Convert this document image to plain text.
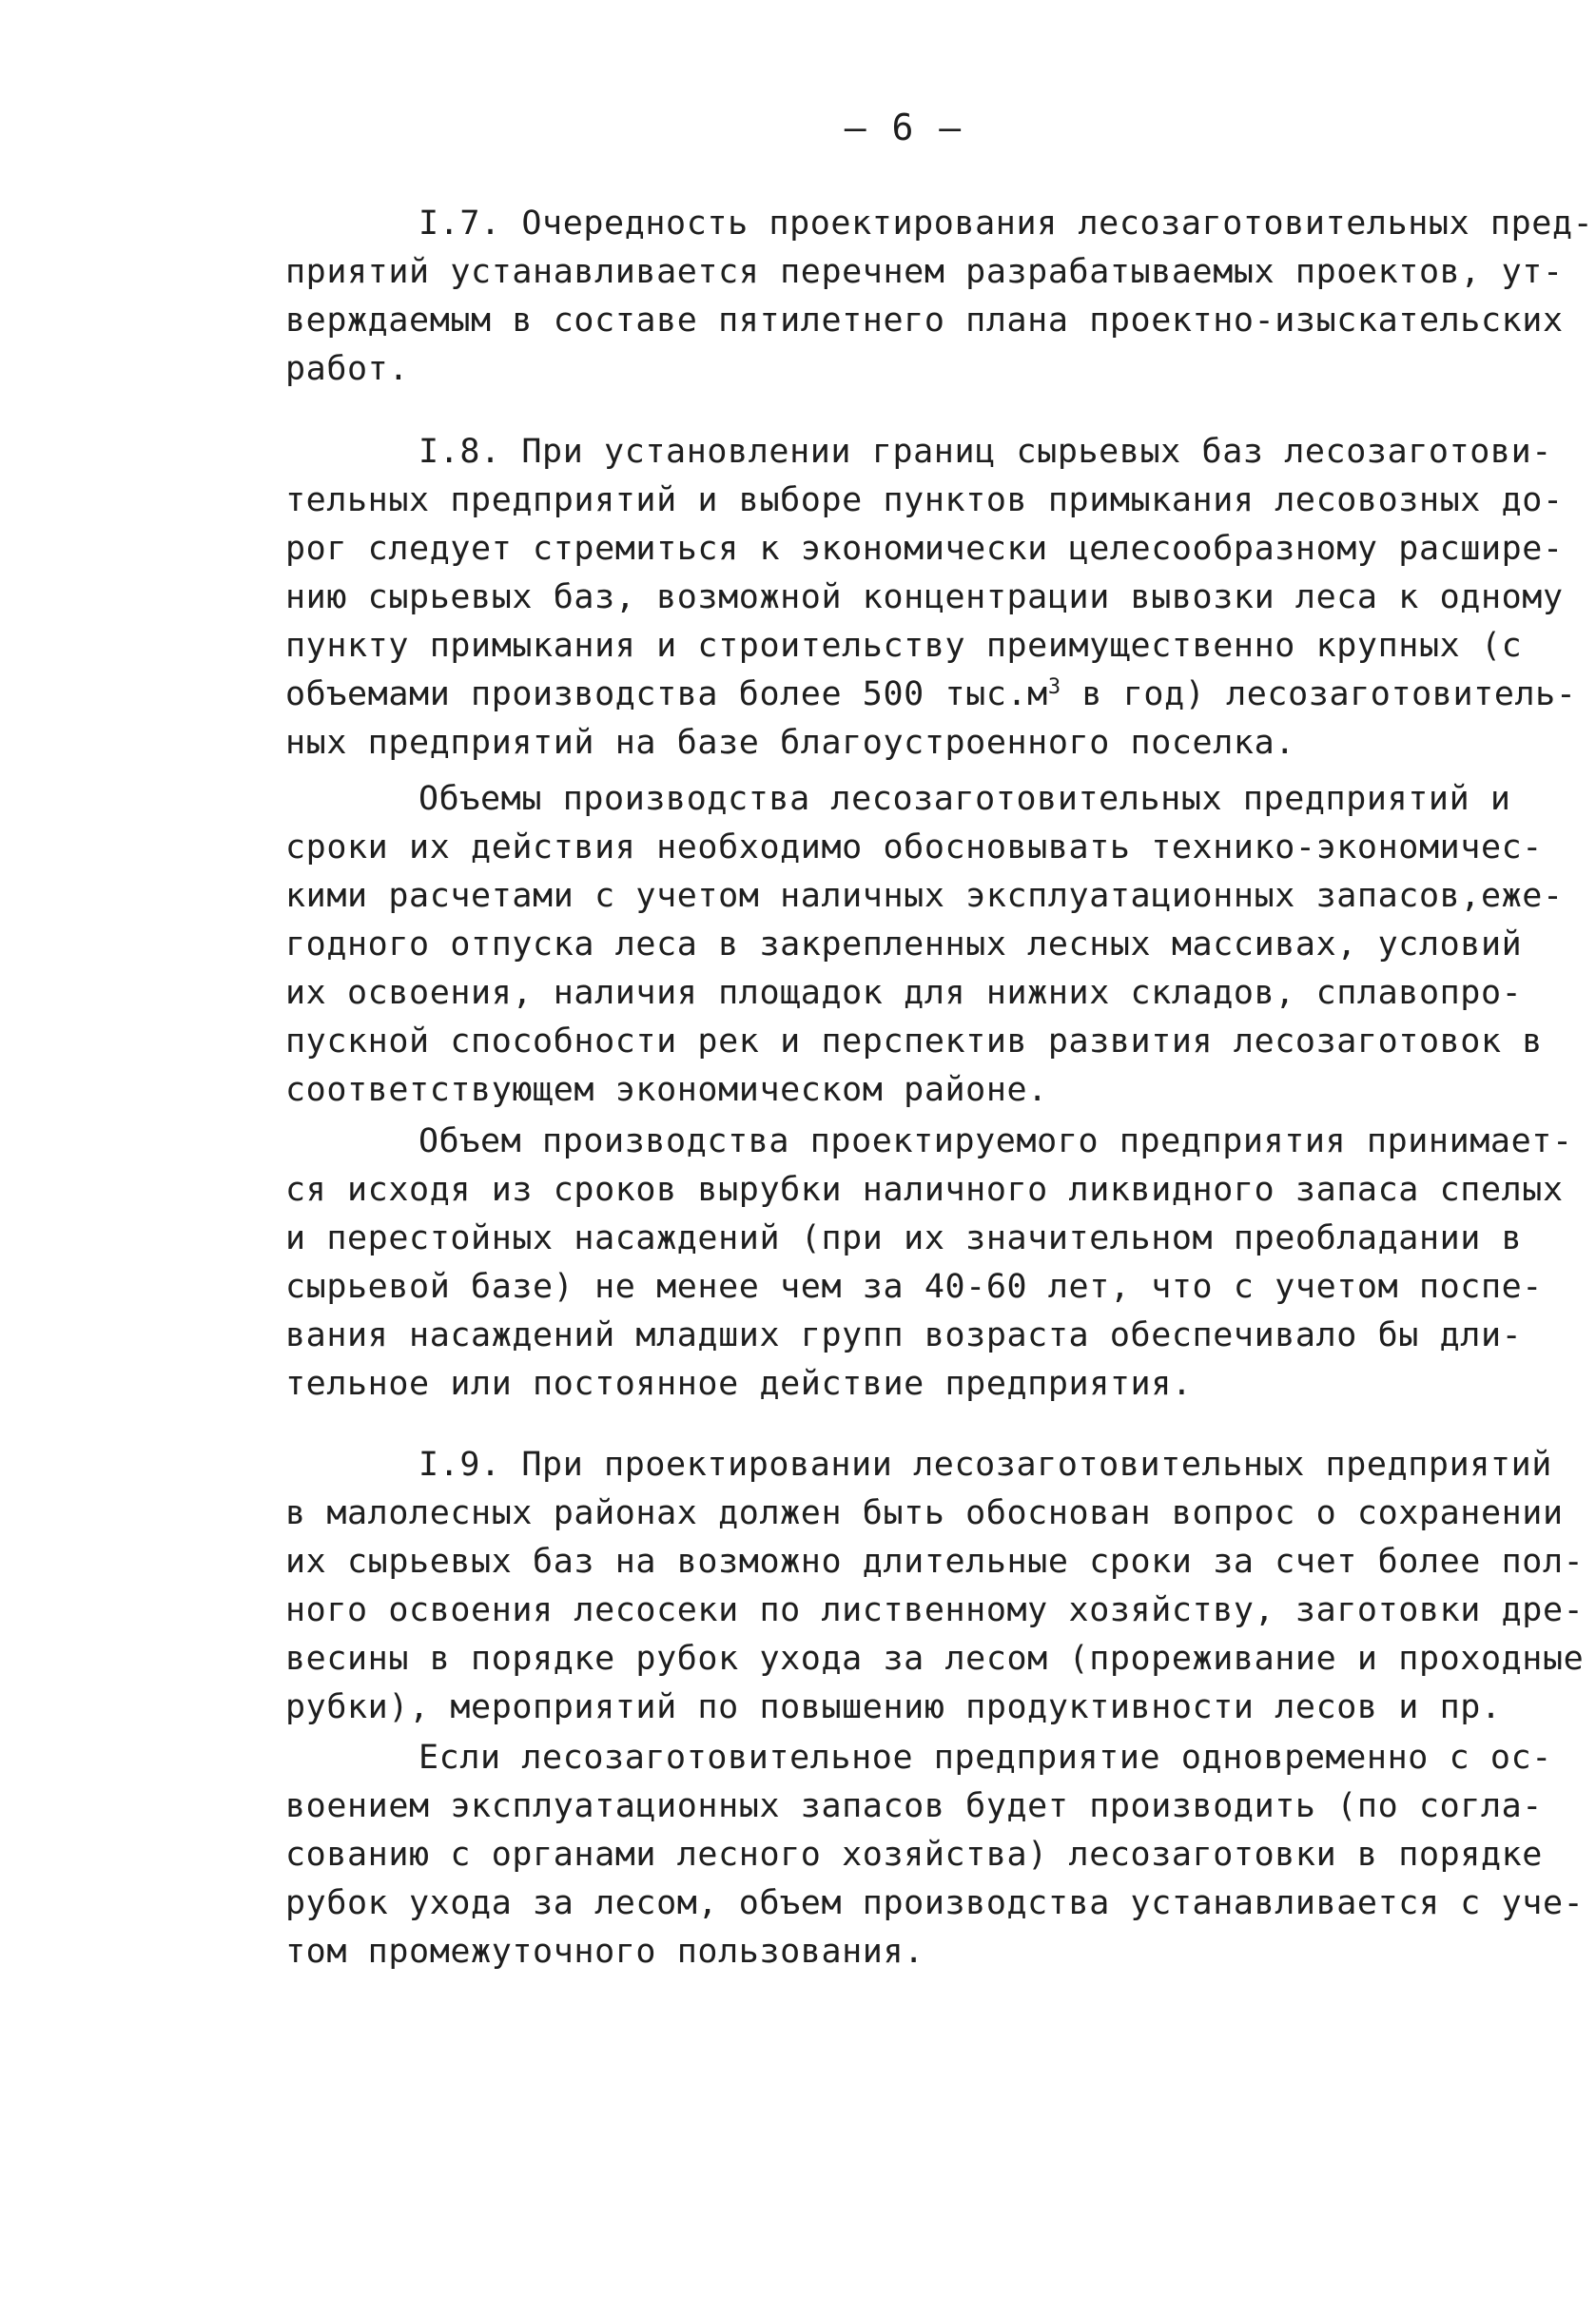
— 6 —
I.7. Очередность проектирования лесозаготовительных пред-
приятий устанавливается перечнем разрабатываемых проектов, ут-
верждаемым в составе пятилетнего плана проектно-изыскательских
работ.
I.8. При установлении границ сырьевых баз лесозаготови-
тельных предприятий и выборе пунктов примыкания лесовозных до-
рог следует стремиться к экономически целесообразному расшире-
нию сырьевых баз, возможной концентрации вывозки леса к одному
пункту примыкания и строительству преимущественно крупных (с
объемами производства более 500 $тыс.м^3$ в год) лесозаготовитель-
ных предприятий на базе благоустроенного поселка.
Объемы производства лесозаготовительных предприятий и
сроки их действия необходимо обосновывать технико-экономичес-
кими расчетами с учетом наличных эксплуатационных запасов,еже-
годного отпуска леса в закрепленных лесных массивах, условий
их освоения, наличия площадок для нижних складов, сплавопро-
пускной способности рек и перспектив развития лесозаготовок в
соответствующем экономическом районе.
Объем производства проектируемого предприятия принимает-
ся исходя из сроков вырубки наличного ликвидного запаса спелых
и перестойных насаждений (при их значительном преобладании в
сырьевой базе) не менее чем за 40-60 лет, что с учетом поспе-
вания насаждений младших групп возраста обеспечивало бы дли-
тельное или постоянное действие предприятия.
I.9. При проектировании лесозаготовительных предприятий
в малолесных районах должен быть обоснован вопрос о сохранении
их сырьевых баз на возможно длительные сроки за счет более пол-
ного освоения лесосеки по лиственному хозяйству, заготовки дре-
весины в порядке рубок ухода за лесом (прореживание и проходные
рубки), мероприятий по повышению продуктивности лесов и пр.
Если лесозаготовительное предприятие одновременно с ос-
воением эксплуатационных запасов будет производить (по согла-
сованию с органами лесного хозяйства) лесозаготовки в порядке
рубок ухода за лесом, объем производства устанавливается с уче-
том промежуточного пользования.
